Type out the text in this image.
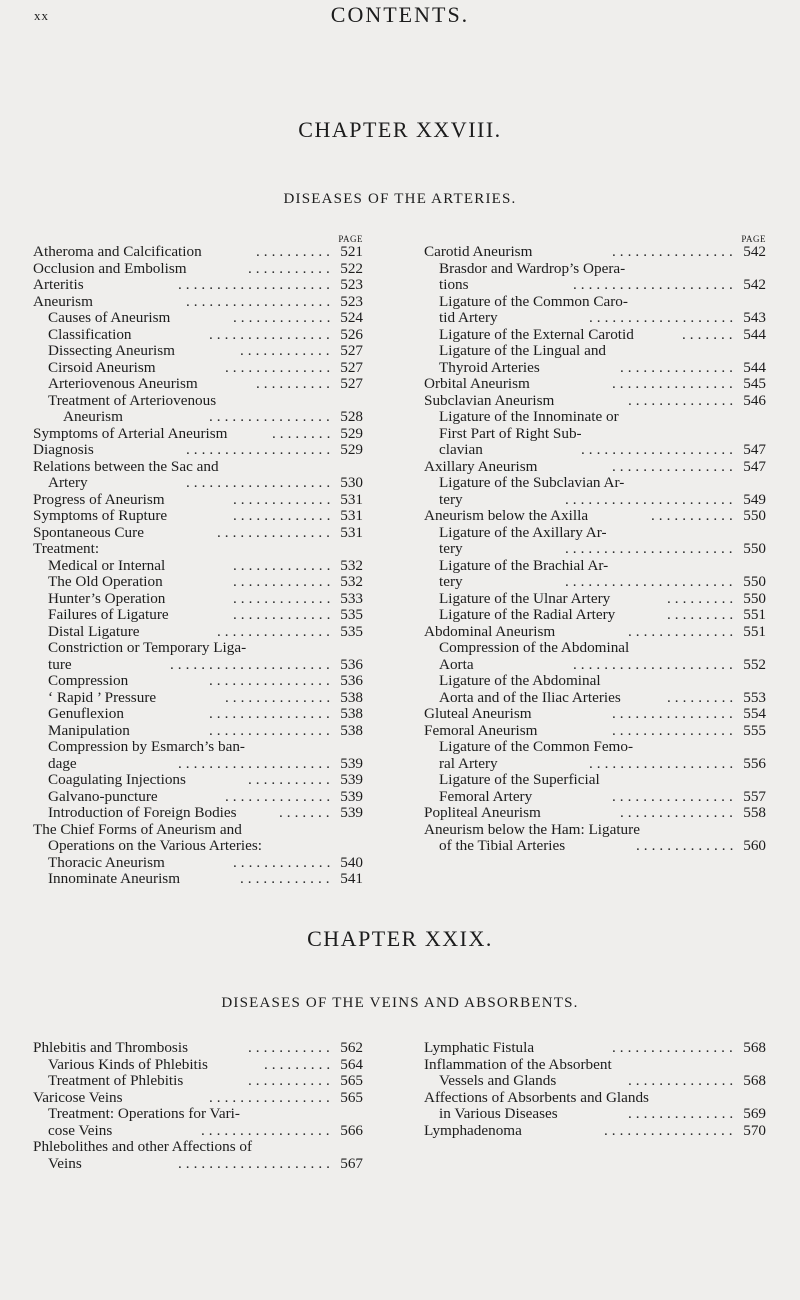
xx	CONTENTS.
CHAPTER XXVIII.
DISEASES OF THE ARTERIES.
PAGE
Atheroma and Calcification	.......... 521
Occlusion and Embolism	........... 522
Arteritis	.................... 523
Aneurism	................... 523
Causes of Aneurism	............. 524
Classification	................ 526
Dissecting Aneurism	............ 527
Cirsoid Aneurism	.............. 527
Arteriovenous Aneurism	.......... 527
Treatment of Arteriovenous
Aneurism	................ 528
Symptoms of Arterial Aneurism	........ 529
Diagnosis	................... 529
Relations between the Sac and
Artery	................... 530
Progress of Aneurism	............. 531
Symptoms of Rupture	............. 531
Spontaneous Cure	............... 531
Treatment:
Medical or Internal	............. 532
The Old Operation	............. 532
Hunter’s Operation	............. 533
Failures of Ligature	............. 535
Distal Ligature	............... 535
Constriction or Temporary Liga-
ture	..................... 536
Compression	................ 536
‘ Rapid ’ Pressure	.............. 538
Genuflexion	................ 538
Manipulation	................ 538
Compression by Esmarch’s ban-
dage	.................... 539
Coagulating Injections	........... 539
Galvano-puncture	.............. 539
Introduction of Foreign Bodies	....... 539
The Chief Forms of Aneurism and
Operations on the Various Arteries:
Thoracic Aneurism	............. 540
Innominate Aneurism	............ 541
PAGE
Carotid Aneurism	................ 542
Brasdor and Wardrop’s Opera-
tions	..................... 542
Ligature of the Common Caro-
tid Artery	................... 543
Ligature of the External Carotid	....... 544
Ligature of the Lingual and
Thyroid Arteries	............... 544
Orbital Aneurism	................ 545
Subclavian Aneurism	.............. 546
Ligature of the Innominate or
First Part of Right Sub-
clavian	.................... 547
Axillary Aneurism	................ 547
Ligature of the Subclavian Ar-
tery	...................... 549
Aneurism below the Axilla	........... 550
Ligature of the Axillary Ar-
tery	...................... 550
Ligature of the Brachial Ar-
tery	...................... 550
Ligature of the Ulnar Artery	......... 550
Ligature of the Radial Artery	......... 551
Abdominal Aneurism	.............. 551
Compression of the Abdominal
Aorta	..................... 552
Ligature of the Abdominal
Aorta and of the Iliac Arteries	......... 553
Gluteal Aneurism	................ 554
Femoral Aneurism	................ 555
Ligature of the Common Femo-
ral Artery	................... 556
Ligature of the Superficial
Femoral Artery	................ 557
Popliteal Aneurism	............... 558
Aneurism below the Ham: Ligature
of the Tibial Arteries	............. 560
CHAPTER XXIX.
DISEASES OF THE VEINS AND ABSORBENTS.
Phlebitis and Thrombosis	........... 562
Various Kinds of Phlebitis	......... 564
Treatment of Phlebitis	........... 565
Varicose Veins	................ 565
Treatment: Operations for Vari-
cose Veins	................. 566
Phlebolithes and other Affections of
Veins	.................... 567
Lymphatic Fistula	................ 568
Inflammation of the Absorbent
Vessels and Glands	.............. 568
Affections of Absorbents and Glands
in Various Diseases	.............. 569
Lymphadenoma	................. 570
